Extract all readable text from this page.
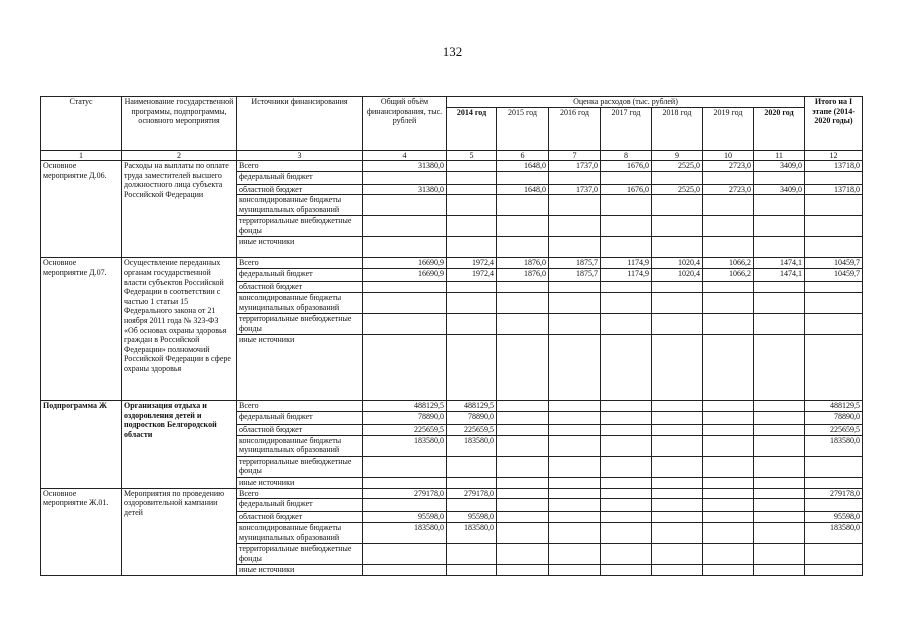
132
Статус	Наименование государственной программы, подпрограммы, основного мероприятия	Источники финансирования	Общий объём финансирования, тыс. рублей	Оценка расходов (тыс. рублей)							Итого на I этапе (2014-2020 годы)
				2014 год	2015 год	2016 год	2017 год	2018 год	2019 год	2020 год	
1	2	3	4	5	6	7	8	9	10	11	12
Основное мероприятие Д.06.	Расходы на выплаты по оплате труда заместителей высшего должностного лица субъекта Российской Федерации	Всего	31380,0		1648,0	1737,0	1676,0	2525,0	2723,0	3409,0	13718,0
		федеральный бюджет									
		областной бюджет	31380,0		1648,0	1737,0	1676,0	2525,0	2723,0	3409,0	13718,0
		консолидированные бюджеты муниципальных образований									
		территориальные внебюджетные фонды									
		иные источники									
Основное мероприятие Д.07.	Осуществление переданных органам государственной власти субъектов Российской Федерации в соответствии с частью 1 статьи 15 Федерального закона от 21 ноября 2011 года № 323-ФЗ «Об основах охраны здоровья граждан в Российской Федерации» полномочий Российской Федерации в сфере охраны здоровья	Всего	16690,9	1972,4	1876,0	1875,7	1174,9	1020,4	1066,2	1474,1	10459,7
		федеральный бюджет	16690,9	1972,4	1876,0	1875,7	1174,9	1020,4	1066,2	1474,1	10459,7
		областной бюджет									
		консолидированные бюджеты муниципальных образований									
		территориальные внебюджетные фонды									
		иные источники									
Подпрограмма Ж	Организация отдыха и оздоровления детей и подростков Белгородской области	Всего	488129,5	488129,5							488129,5
		федеральный бюджет	78890,0	78890,0							78890,0
		областной бюджет	225659,5	225659,5							225659,5
		консолидированные бюджеты муниципальных образований	183580,0	183580,0							183580,0
		территориальные внебюджетные фонды									
		иные источники									
Основное мероприятие Ж.01.	Мероприятия по проведению оздоровительной кампании детей	Всего	279178,0	279178,0							279178,0
		федеральный бюджет									
		областной бюджет	95598,0	95598,0							95598,0
		консолидированные бюджеты муниципальных образований	183580,0	183580,0							183580,0
		территориальные внебюджетные фонды									
		иные источники									
